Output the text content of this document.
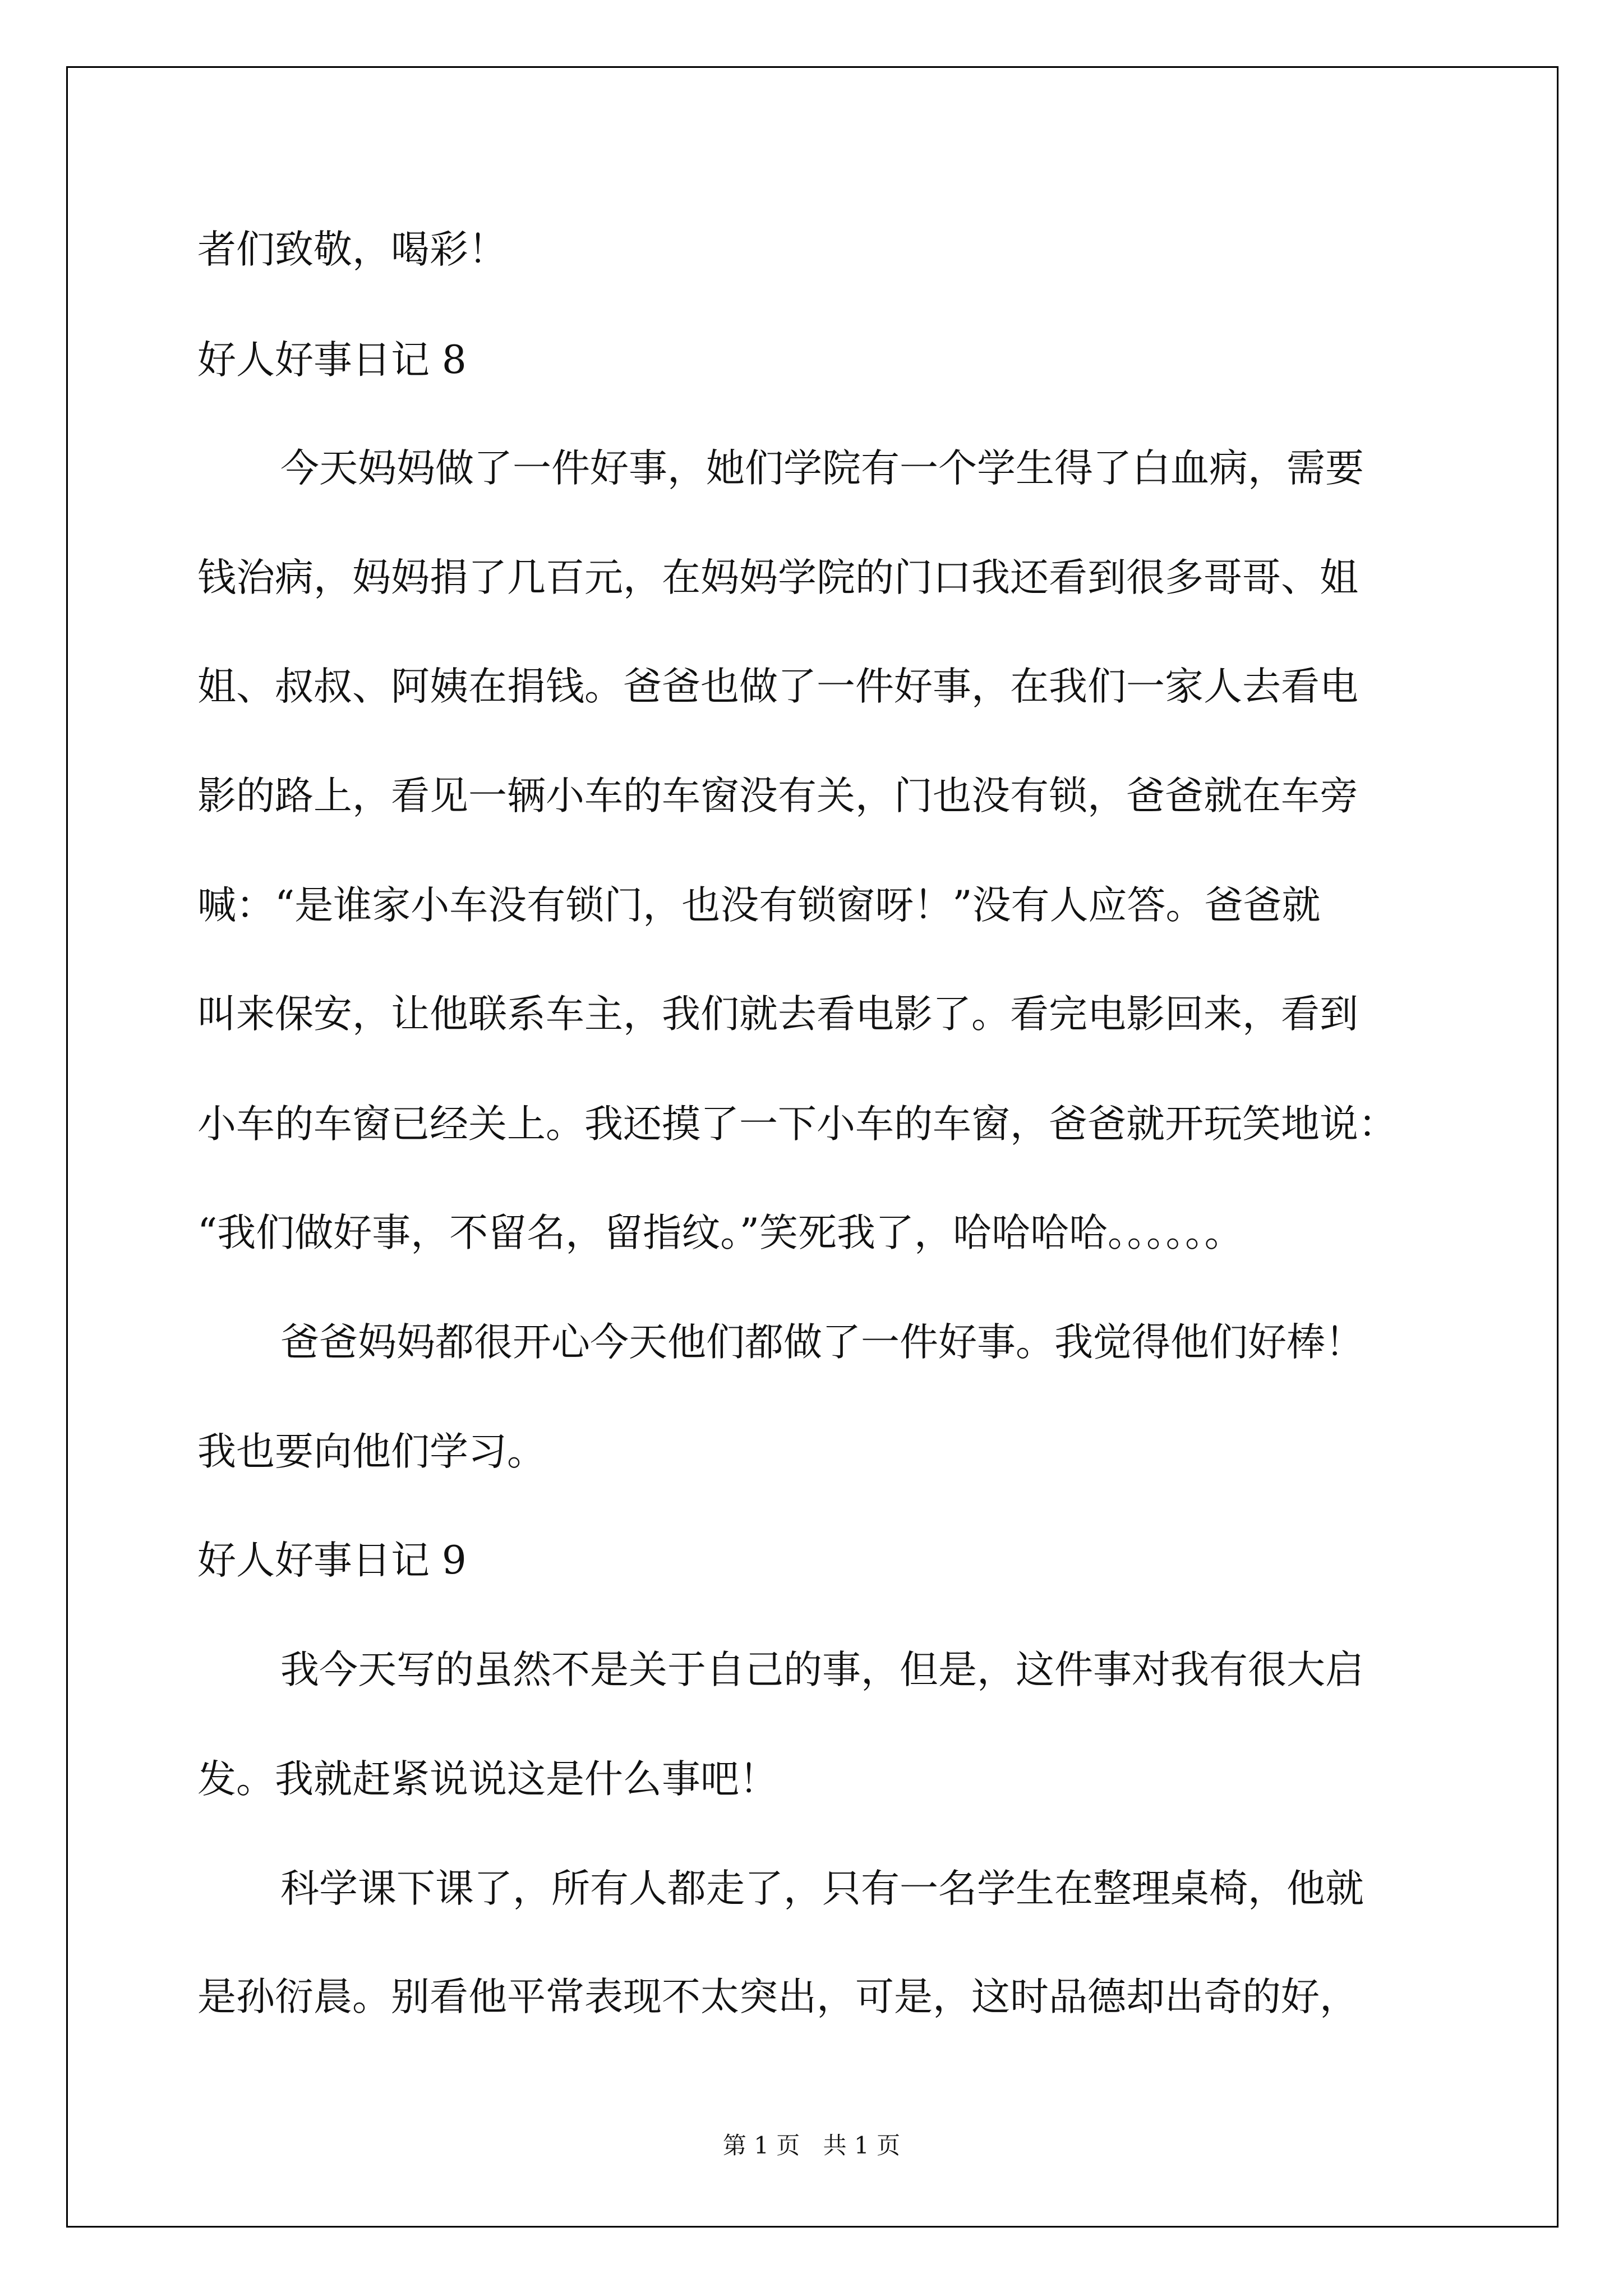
者们致敬，喝彩！
好人好事日记 8
今天妈妈做了一件好事，她们学院有一个学生得了白血病，需要
钱治病，妈妈捐了几百元，在妈妈学院的门口我还看到很多哥哥、姐
姐、叔叔、阿姨在捐钱。爸爸也做了一件好事，在我们一家人去看电
影的路上，看见一辆小车的车窗没有关，门也没有锁，爸爸就在车旁
喊：“是谁家小车没有锁门，也没有锁窗呀！”没有人应答。爸爸就
叫来保安，让他联系车主，我们就去看电影了。看完电影回来，看到
小车的车窗已经关上。我还摸了一下小车的车窗，爸爸就开玩笑地说：
“我们做好事，不留名，留指纹。”笑死我了，哈哈哈哈。。。。。。
爸爸妈妈都很开心今天他们都做了一件好事。我觉得他们好棒！
我也要向他们学习。
好人好事日记 9
我今天写的虽然不是关于自己的事，但是，这件事对我有很大启
发。我就赶紧说说这是什么事吧！
科学课下课了，所有人都走了，只有一名学生在整理桌椅，他就
是孙衍晨。别看他平常表现不太突出，可是，这时品德却出奇的好，
第 1 页 共 1 页
